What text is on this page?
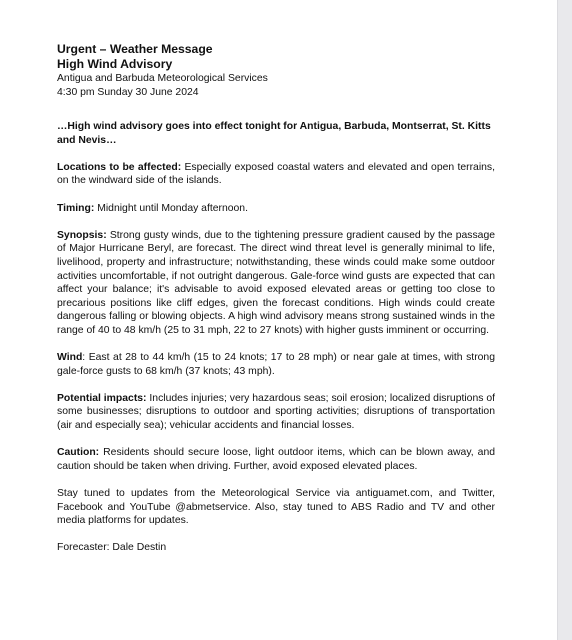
Urgent – Weather Message
High Wind Advisory
Antigua and Barbuda Meteorological Services
4:30 pm Sunday 30 June 2024

…High wind advisory goes into effect tonight for Antigua, Barbuda, Montserrat, St. Kitts and Nevis…

Locations to be affected: Especially exposed coastal waters and elevated and open terrains, on the windward side of the islands.

Timing: Midnight until Monday afternoon.

Synopsis: Strong gusty winds, due to the tightening pressure gradient caused by the passage of Major Hurricane Beryl, are forecast. The direct wind threat level is generally minimal to life, livelihood, property and infrastructure; notwithstanding, these winds could make some outdoor activities uncomfortable, if not outright dangerous. Gale-force wind gusts are expected that can affect your balance; it's advisable to avoid exposed elevated areas or getting too close to precarious positions like cliff edges, given the forecast conditions. High winds could create dangerous falling or blowing objects. A high wind advisory means strong sustained winds in the range of 40 to 48 km/h (25 to 31 mph, 22 to 27 knots) with higher gusts imminent or occurring.

Wind: East at 28 to 44 km/h (15 to 24 knots; 17 to 28 mph) or near gale at times, with strong gale-force gusts to 68 km/h (37 knots; 43 mph).

Potential impacts: Includes injuries; very hazardous seas; soil erosion; localized disruptions of some businesses; disruptions to outdoor and sporting activities; disruptions of transportation (air and especially sea); vehicular accidents and financial losses.

Caution: Residents should secure loose, light outdoor items, which can be blown away, and caution should be taken when driving. Further, avoid exposed elevated places.

Stay tuned to updates from the Meteorological Service via antiguamet.com, and Twitter, Facebook and YouTube @abmetservice. Also, stay tuned to ABS Radio and TV and other media platforms for updates.

Forecaster: Dale Destin
